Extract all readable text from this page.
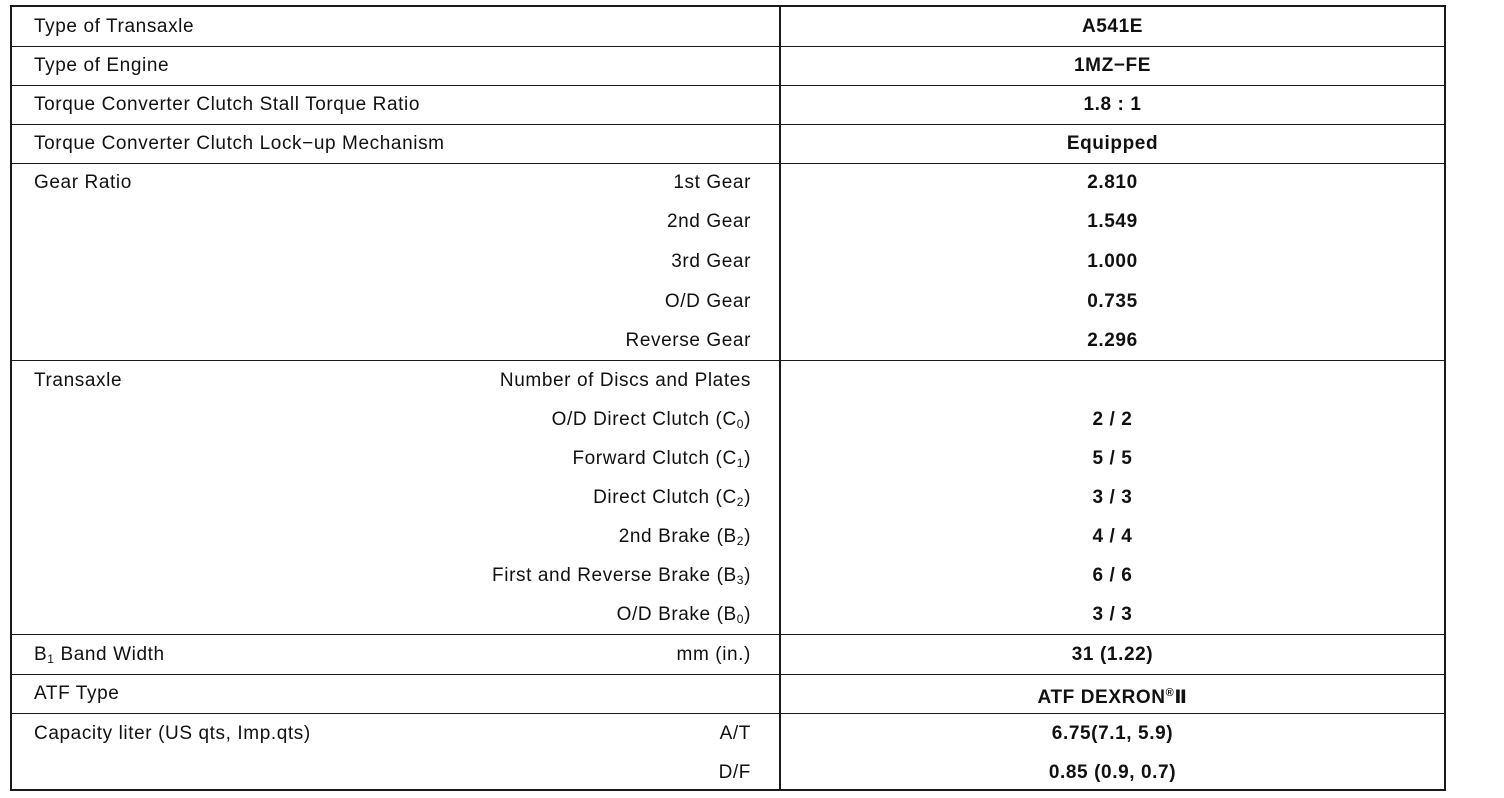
Type of Transaxle	A541E
Type of Engine	1MZ−FE
Torque Converter Clutch Stall Torque Ratio	1.8 : 1
Torque Converter Clutch Lock−up Mechanism	Equipped
Gear Ratio	1st Gear	2.810
2nd Gear	1.549
3rd Gear	1.000
O/D Gear	0.735
Reverse Gear	2.296
Transaxle	Number of Discs and Plates
O/D Direct Clutch $(C_0)$	2 / 2
Forward Clutch $(C_1)$	5 / 5
Direct Clutch $(C_2)$	3 / 3
2nd Brake $(B_2)$	4 / 4
First and Reverse Brake $(B_3)$	6 / 6
O/D Brake $(B_0)$	3 / 3
$B_1$ Band Width	mm (in.)	31 (1.22)
ATF Type	ATF DEXRON®Ⅱ
Capacity liter (US qts, Imp.qts)	A/T	6.75(7.1, 5.9)
D/F	0.85 (0.9, 0.7)
